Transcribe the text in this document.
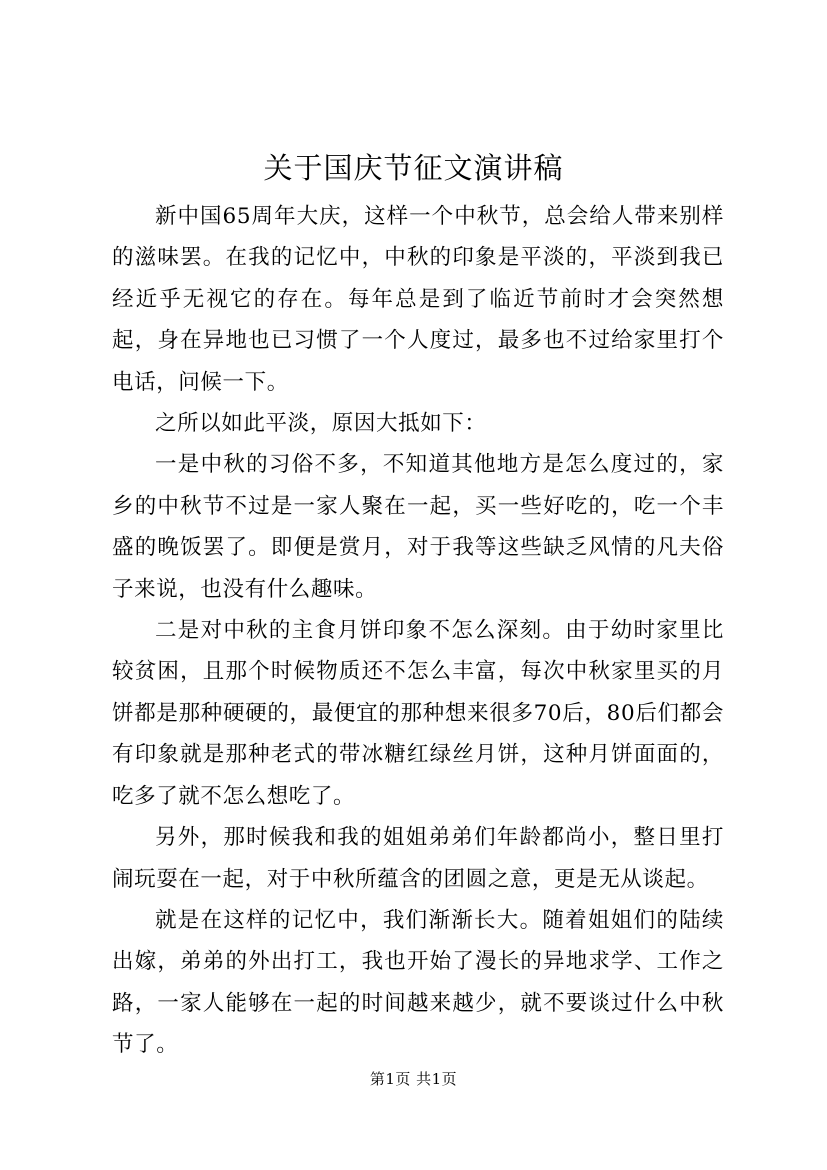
关于国庆节征文演讲稿

新中国65周年大庆，这样一个中秋节，总会给人带来别样的滋味罢。在我的记忆中，中秋的印象是平淡的，平淡到我已经近乎无视它的存在。每年总是到了临近节前时才会突然想起，身在异地也已习惯了一个人度过，最多也不过给家里打个电话，问候一下。

之所以如此平淡，原因大抵如下：

一是中秋的习俗不多，不知道其他地方是怎么度过的，家乡的中秋节不过是一家人聚在一起，买一些好吃的，吃一个丰盛的晚饭罢了。即便是赏月，对于我等这些缺乏风情的凡夫俗子来说，也没有什么趣味。

二是对中秋的主食月饼印象不怎么深刻。由于幼时家里比较贫困，且那个时候物质还不怎么丰富，每次中秋家里买的月饼都是那种硬硬的，最便宜的那种想来很多70后，80后们都会有印象就是那种老式的带冰糖红绿丝月饼，这种月饼面面的，吃多了就不怎么想吃了。

另外，那时候我和我的姐姐弟弟们年龄都尚小，整日里打闹玩耍在一起，对于中秋所蕴含的团圆之意，更是无从谈起。

就是在这样的记忆中，我们渐渐长大。随着姐姐们的陆续出嫁，弟弟的外出打工，我也开始了漫长的异地求学、工作之路，一家人能够在一起的时间越来越少，就不要谈过什么中秋节了。

第1页 共1页
